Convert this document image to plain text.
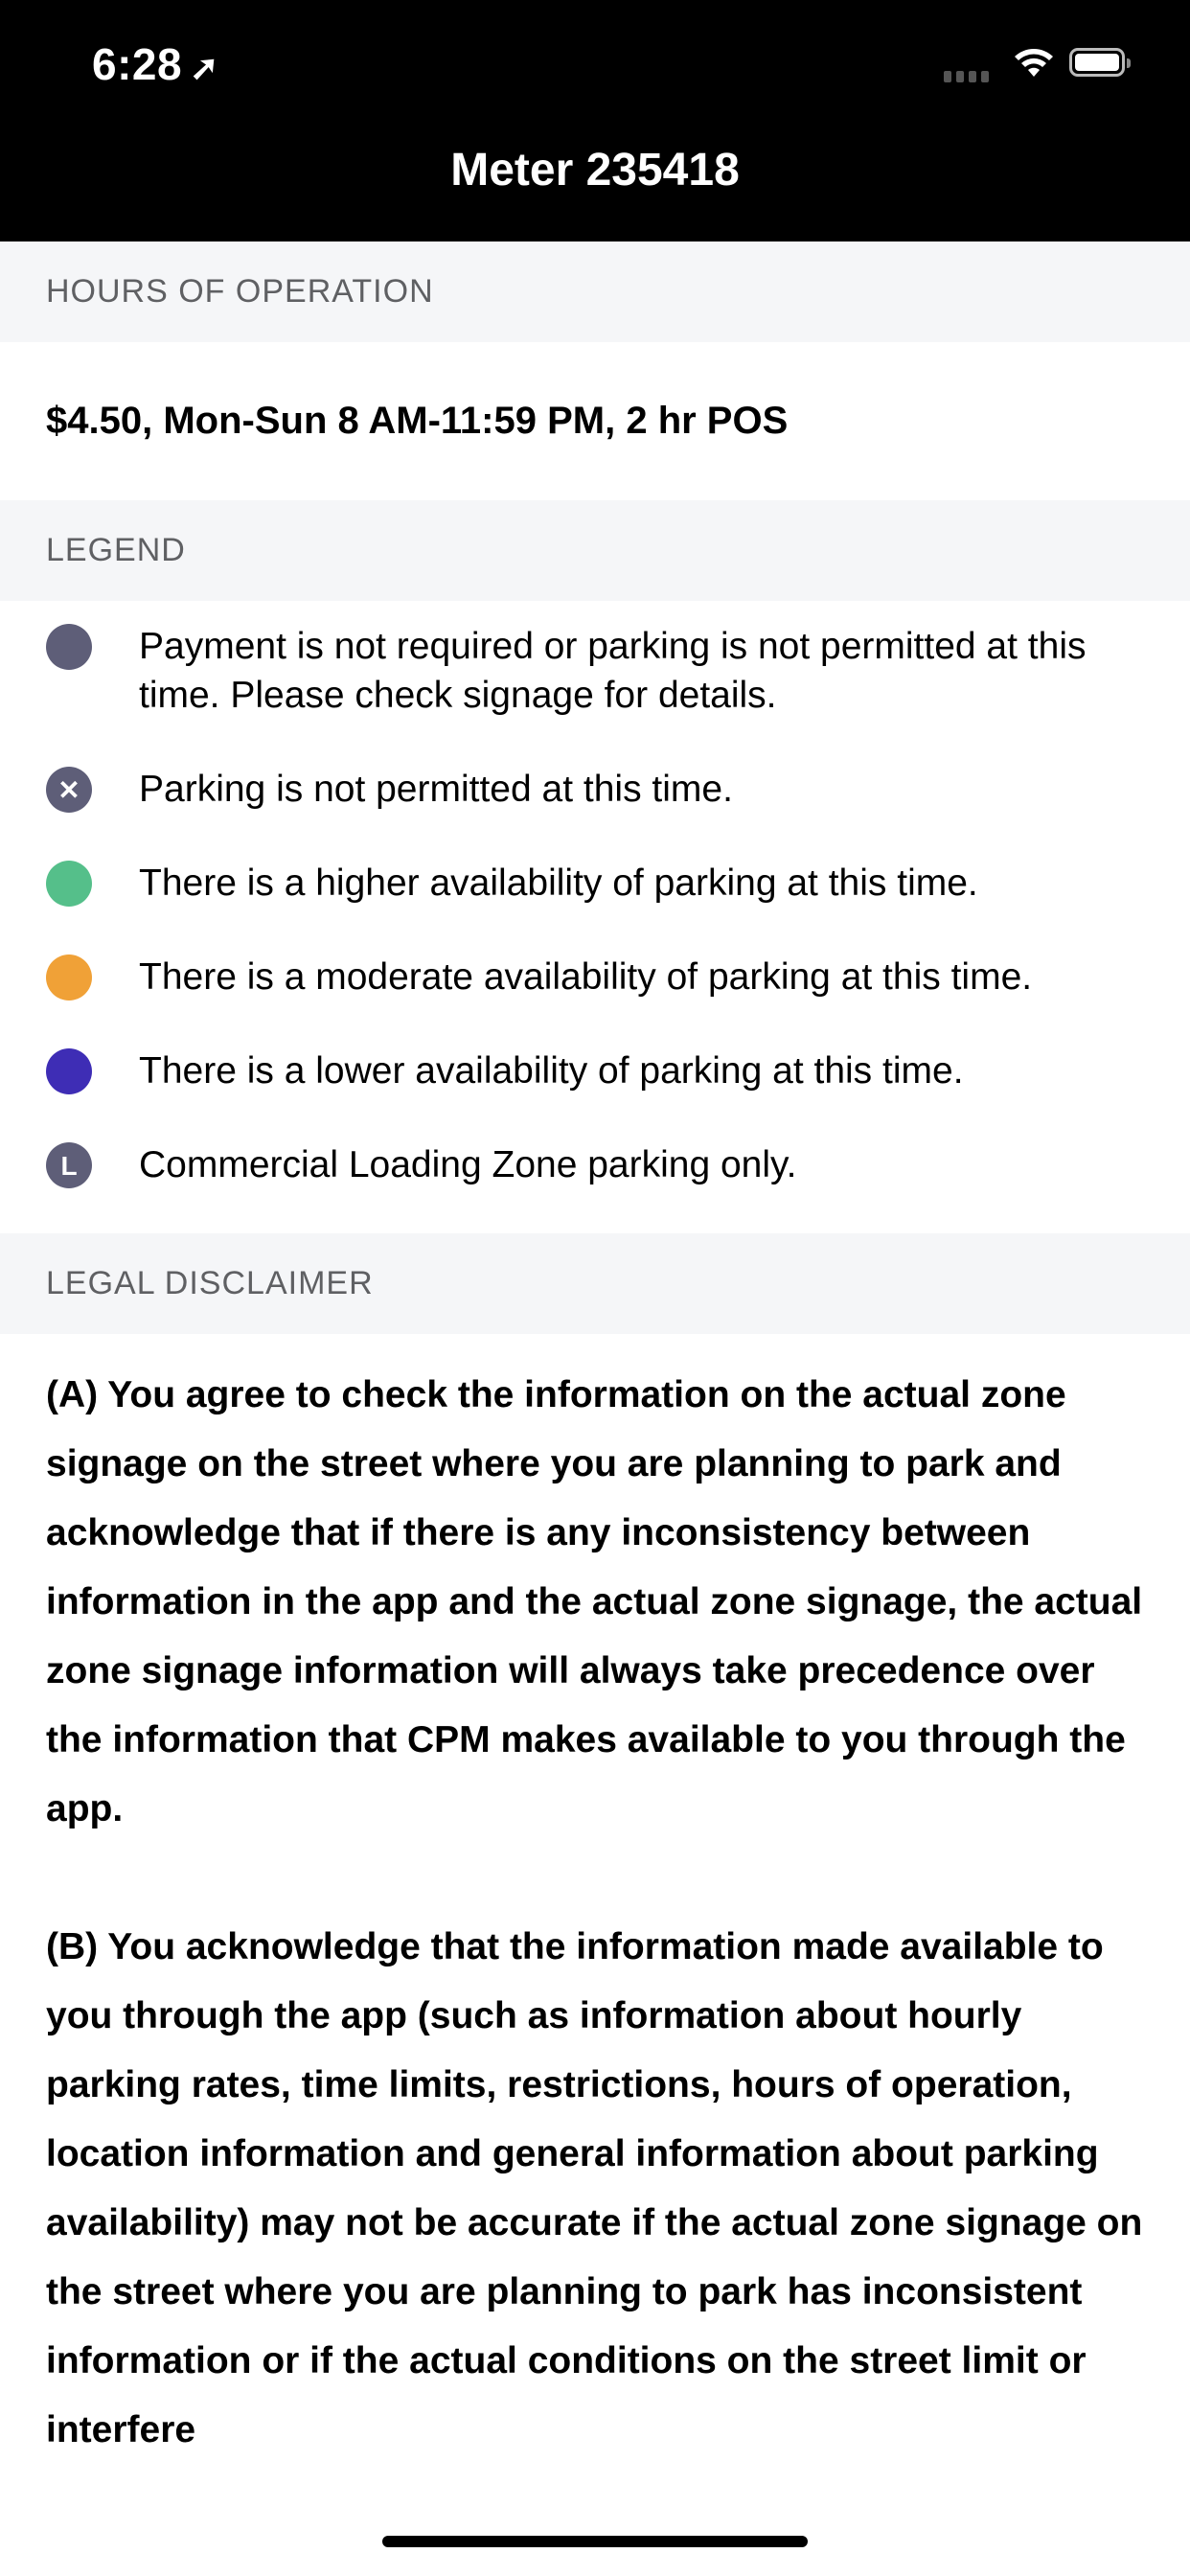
6:28 ➚
Meter 235418
HOURS OF OPERATION
$4.50, Mon-Sun 8 AM-11:59 PM, 2 hr POS
LEGEND
Payment is not required or parking is not permitted at this time. Please check signage for details.
✕	Parking is not permitted at this time.
There is a higher availability of parking at this time.
There is a moderate availability of parking at this time.
There is a lower availability of parking at this time.
L	Commercial Loading Zone parking only.
LEGAL DISCLAIMER

(A) You agree to check the information on the actual zone signage on the street where you are planning to park and acknowledge that if there is any inconsistency between information in the app and the actual zone signage, the actual zone signage information will always take precedence over the information that CPM makes available to you through the app.

(B) You acknowledge that the information made available to you through the app (such as information about hourly parking rates, time limits, restrictions, hours of operation, location information and general information about parking availability) may not be accurate if the actual zone signage on the street where you are planning to park has inconsistent information or if the actual conditions on the street limit or interfere
